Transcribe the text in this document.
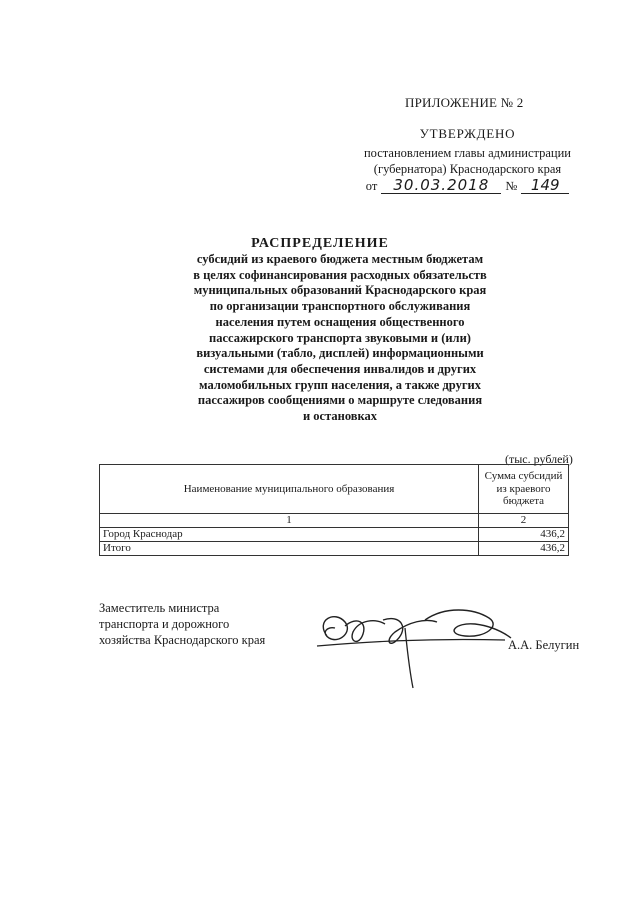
ПРИЛОЖЕНИЕ № 2
УТВЕРЖДЕНО
постановлением главы администрации
(губернатора) Краснодарского края
от	30.03.2018	№ 149
РАСПРЕДЕЛЕНИЕ
субсидий из краевого бюджета местным бюджетам
в целях софинансирования расходных обязательств
муниципальных образований Краснодарского края
по организации транспортного обслуживания
населения путем оснащения общественного
пассажирского транспорта звуковыми и (или)
визуальными (табло, дисплей) информационными
системами для обеспечения инвалидов и других
маломобильных групп населения, а также других
пассажиров сообщениями о маршруте следования
и остановках
(тыс. рублей)
Наименование муниципального образования	Сумма субсидий
из краевого
бюджета

1	2
Город Краснодар	436,2
Итого	436,2
Заместитель министра
транспорта и дорожного
хозяйства Краснодарского края	А.А. Белугин
